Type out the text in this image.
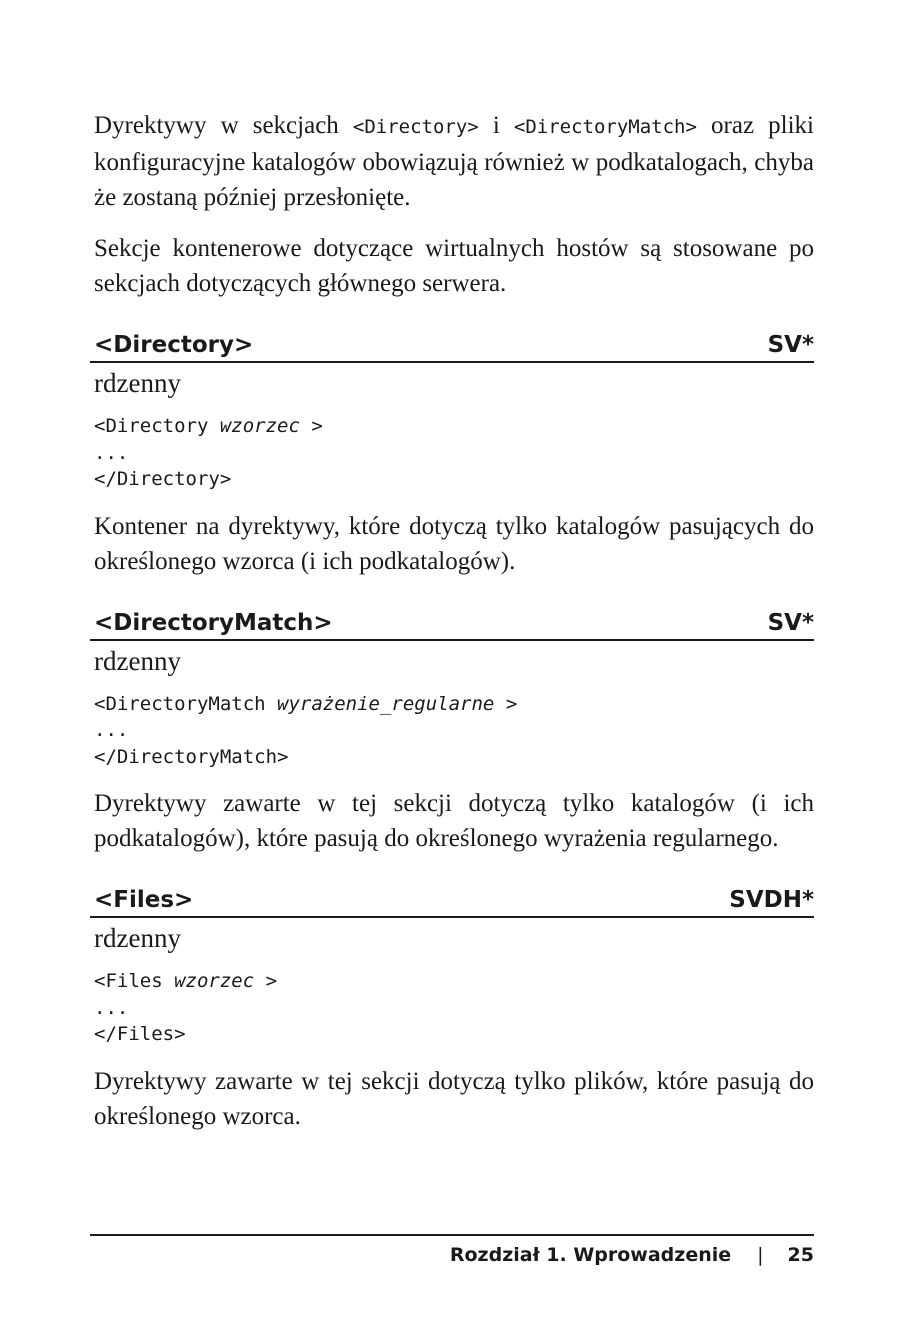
Dyrektywy w sekcjach <Directory> i <DirectoryMatch> oraz pliki konfiguracyjne katalogów obowiązują również w podkatalogach, chyba że zostaną później przesłonięte.

Sekcje kontenerowe dotyczące wirtualnych hostów są stosowane po sekcjach dotyczących głównego serwera.

<Directory>	SV*
rdzenny
<Directory wzorzec >
...
</Directory>

Kontener na dyrektywy, które dotyczą tylko katalogów pasujących do określonego wzorca (i ich podkatalogów).

<DirectoryMatch>	SV*
rdzenny
<DirectoryMatch wyrażenie_regularne >
...
</DirectoryMatch>

Dyrektywy zawarte w tej sekcji dotyczą tylko katalogów (i ich podkatalogów), które pasują do określonego wyrażenia regularnego.

<Files>	SVDH*
rdzenny
<Files wzorzec >
...
</Files>

Dyrektywy zawarte w tej sekcji dotyczą tylko plików, które pasują do określonego wzorca.

Rozdział 1. Wprowadzenie | 25
